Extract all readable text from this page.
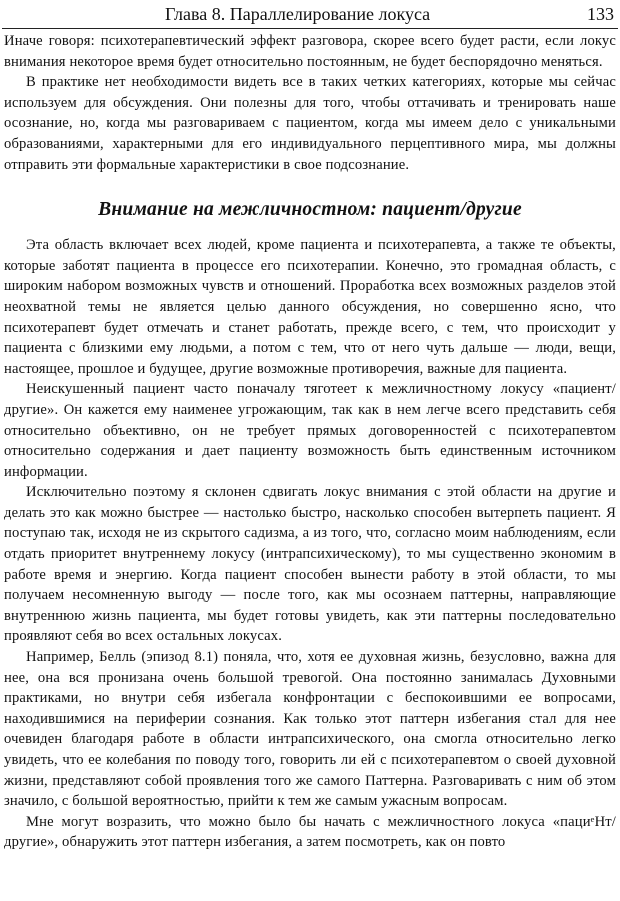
Глава 8. Параллелирование локуса	133

Иначе говоря: психотерапевтический эффект разговора, скорее всего будет расти, если локус внимания некоторое время будет относительно постоянным, не будет беспорядочно меняться.

В практике нет необходимости видеть все в таких четких категориях, которые мы сейчас используем для обсуждения. Они полезны для того, чтобы оттачивать и тренировать наше осознание, но, когда мы разговариваем с пациентом, когда мы имеем дело с уникальными образованиями, характерными для его индивидуального перцептивного мира, мы должны отправить эти формальные характеристики в свое подсознание.

Внимание на межличностном: пациент/другие

Эта область включает всех людей, кроме пациента и психотерапевта, а также те объекты, которые заботят пациента в процессе его психотерапии. Конечно, это громадная область, с широким набором возможных чувств и отношений. Проработка всех возможных разделов этой неохватной темы не является целью данного обсуждения, но совершенно ясно, что психотерапевт будет отмечать и станет работать, прежде всего, с тем, что происходит у пациента с близкими ему людьми, а потом с тем, что от него чуть дальше — люди, вещи, настоящее, прошлое и будущее, другие возможные противоречия, важные для пациента.

Неискушенный пациент часто поначалу тяготеет к межличностному локусу «пациент/другие». Он кажется ему наименее угрожающим, так как в нем легче всего представить себя относительно объективно, он не требует прямых договоренностей с психотерапевтом относительно содержания и дает пациенту возможность быть единственным источником информации.

Исключительно поэтому я склонен сдвигать локус внимания с этой области на другие и делать это как можно быстрее — настолько быстро, насколько способен вытерпеть пациент. Я поступаю так, исходя не из скрытого садизма, а из того, что, согласно моим наблюдениям, если отдать приоритет внутреннему локусу (интрапсихическому), то мы существенно экономим в работе время и энергию. Когда пациент способен вынести работу в этой области, то мы получаем несомненную выгоду — после того, как мы осознаем паттерны, направляющие внутреннюю жизнь пациента, мы будет готовы увидеть, как эти паттерны последовательно проявляют себя во всех остальных локусах.

Например, Белль (эпизод 8.1) поняла, что, хотя ее духовная жизнь, безусловно, важна для нее, она вся пронизана очень большой тревогой. Она постоянно занималась Духовными практиками, но внутри себя избегала конфронтации с беспокоившими ее вопросами, находившимися на периферии сознания. Как только этот паттерн избегания стал для нее очевиден благодаря работе в области интрапсихического, она смогла относительно легко увидеть, что ее колебания по поводу того, говорить ли ей с психотерапевтом о своей духовной жизни, представляют собой проявления того же самого Паттерна. Разговаривать с ним об этом значило, с большой вероятностью, прийти к тем же самым ужасным вопросам.

Мне могут возразить, что можно было бы начать с межличностного локуса «пациᵉНт/другие», обнаружить этот паттерн избегания, а затем посмотреть, как он повто
